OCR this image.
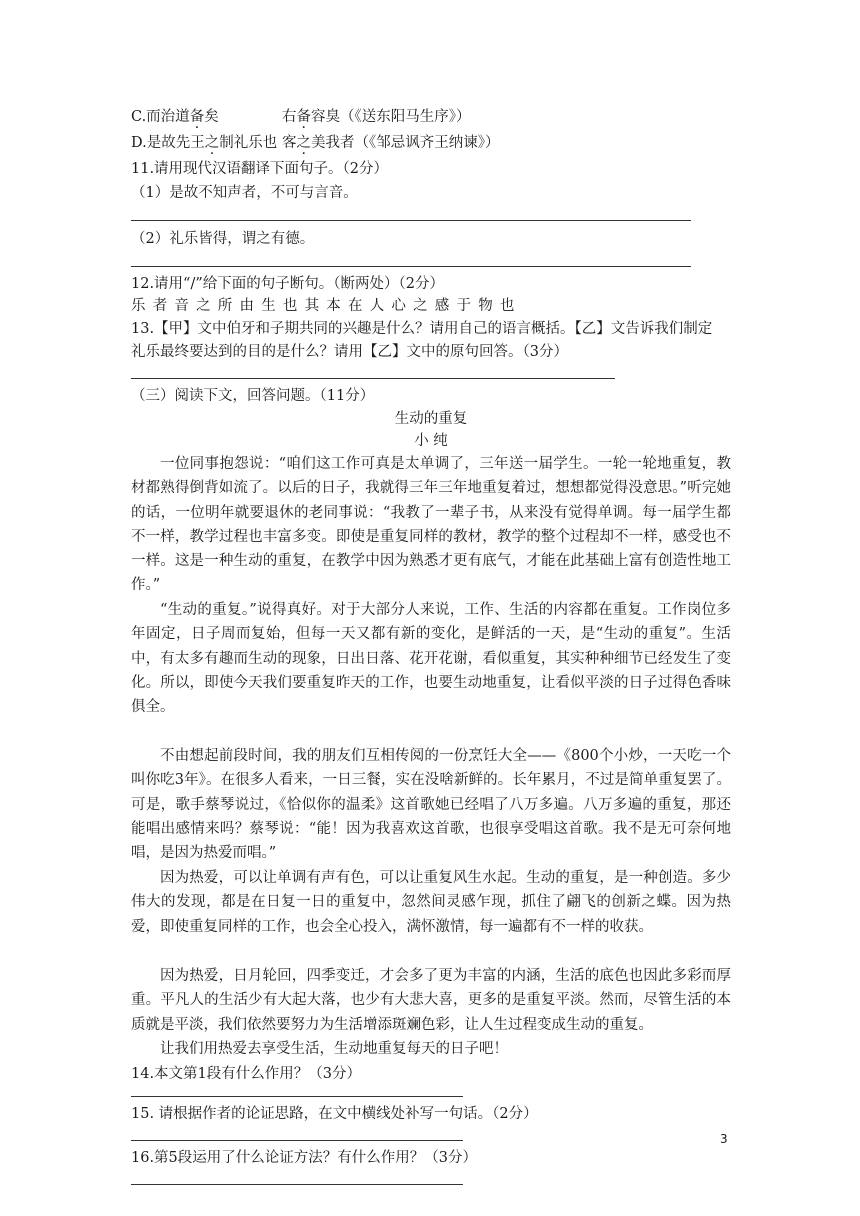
C.而治道备矣	右备容臭（《送东阳马生序》）
D.是故先王之制礼乐也 客之美我者（《邹忌讽齐王纳谏》）
11.请用现代汉语翻译下面句子。（2分）
（1）是故不知声者，不可与言音。
（2）礼乐皆得，谓之有德。
12.请用“/”给下面的句子断句。（断两处）（2分）
乐者音之所由生也其本在人心之感于物也
13.【甲】文中伯牙和子期共同的兴趣是什么？请用自己的语言概括。【乙】文告诉我们制定
礼乐最终要达到的目的是什么？请用【乙】文中的原句回答。（3分）
（三）阅读下文，回答问题。（11分）
生动的重复
小 纯
一位同事抱怨说：“咱们这工作可真是太单调了，三年送一届学生。一轮一轮地重复，教材都熟得倒背如流了。以后的日子，我就得三年三年地重复着过，想想都觉得没意思。”听完她的话，一位明年就要退休的老同事说：“我教了一辈子书，从来没有觉得单调。每一届学生都不一样，教学过程也丰富多变。即使是重复同样的教材，教学的整个过程却不一样，感受也不一样。这是一种生动的重复，在教学中因为熟悉才更有底气，才能在此基础上富有创造性地工作。”
“生动的重复。”说得真好。对于大部分人来说，工作、生活的内容都在重复。工作岗位多年固定，日子周而复始，但每一天又都有新的变化，是鲜活的一天，是“生动的重复”。生活中，有太多有趣而生动的现象，日出日落、花开花谢，看似重复，其实种种细节已经发生了变化。所以，即使今天我们要重复昨天的工作，也要生动地重复，让看似平淡的日子过得色香味俱全。
不由想起前段时间，我的朋友们互相传阅的一份烹饪大全——《800个小炒，一天吃一个叫你吃3年》。在很多人看来，一日三餐，实在没啥新鲜的。长年累月，不过是简单重复罢了。可是，歌手蔡琴说过，《恰似你的温柔》这首歌她已经唱了八万多遍。八万多遍的重复，那还能唱出感情来吗？蔡琴说：“能！因为我喜欢这首歌，也很享受唱这首歌。我不是无可奈何地唱，是因为热爱而唱。”
因为热爱，可以让单调有声有色，可以让重复风生水起。生动的重复，是一种创造。多少伟大的发现，都是在日复一日的重复中，忽然间灵感乍现，抓住了翩飞的创新之蝶。因为热爱，即使重复同样的工作，也会全心投入，满怀激情，每一遍都有不一样的收获。
因为热爱，日月轮回，四季变迁，才会多了更为丰富的内涵，生活的底色也因此多彩而厚重。平凡人的生活少有大起大落，也少有大悲大喜，更多的是重复平淡。然而，尽管生活的本质就是平淡，我们依然要努力为生活增添斑斓色彩，让人生过程变成生动的重复。
让我们用热爱去享受生活，生动地重复每天的日子吧！
14.本文第1段有什么作用？（3分）
15. 请根据作者的论证思路，在文中横线处补写一句话。（2分）
16.第5段运用了什么论证方法？有什么作用？（3分）
3
